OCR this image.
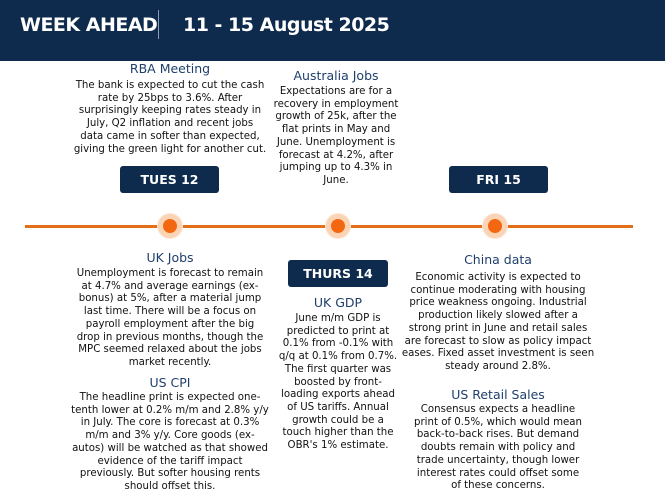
WEEK AHEAD 11 - 15 August 2025
RBA Meeting
The bank is expected to cut the cash
rate by 25bps to 3.6%. After
surprisingly keeping rates steady in
July, Q2 inflation and recent jobs
data came in softer than expected,
giving the green light for another cut.
Australia Jobs
Expectations are for a
recovery in employment
growth of 25k, after the
flat prints in May and
June. Unemployment is
forecast at 4.2%, after
jumping up to 4.3% in
June.
TUES 12	FRI 15
THURS 14
UK Jobs
Unemployment is forecast to remain
at 4.7% and average earnings (ex-
bonus) at 5%, after a material jump
last time. There will be a focus on
payroll employment after the big
drop in previous months, though the
MPC seemed relaxed about the jobs
market recently.
US CPI
The headline print is expected one-
tenth lower at 0.2% m/m and 2.8% y/y
in July. The core is forecast at 0.3%
m/m and 3% y/y. Core goods (ex-
autos) will be watched as that showed
evidence of the tariff impact
previously. But softer housing rents
should offset this.
UK GDP
June m/m GDP is
predicted to print at
0.1% from -0.1% with
q/q at 0.1% from 0.7%.
The first quarter was
boosted by front-
loading exports ahead
of US tariffs. Annual
growth could be a
touch higher than the
OBR's 1% estimate.
China data
Economic activity is expected to
continue moderating with housing
price weakness ongoing. Industrial
production likely slowed after a
strong print in June and retail sales
are forecast to slow as policy impact
eases. Fixed asset investment is seen
steady around 2.8%.
US Retail Sales
Consensus expects a headline
print of 0.5%, which would mean
back-to-back rises. But demand
doubts remain with policy and
trade uncertainty, though lower
interest rates could offset some
of these concerns.
